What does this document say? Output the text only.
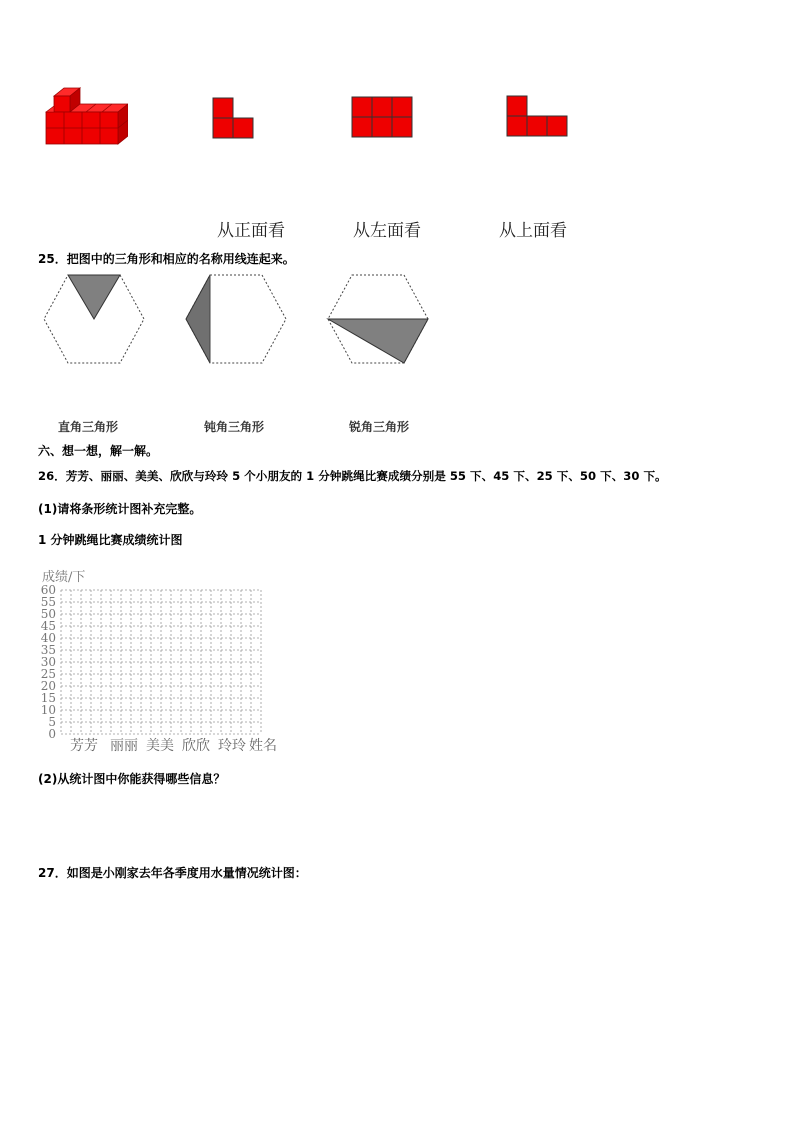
从正面看	从左面看	从上面看
25．把图中的三角形和相应的名称用线连起来。
直角三角形	钝角三角形	锐角三角形
六、想一想，解一解。
26．芳芳、丽丽、美美、欣欣与玲玲 5 个小朋友的 1 分钟跳绳比赛成绩分别是 55 下、45 下、25 下、50 下、30 下。
(1)请将条形统计图补充完整。
1 分钟跳绳比赛成绩统计图
成绩/下
0
5
10
15
20
25
30
35
40
45
50
55
60
芳芳 丽丽 美美 欣欣 玲玲 姓名
(2)从统计图中你能获得哪些信息？
27．如图是小刚家去年各季度用水量情况统计图：
